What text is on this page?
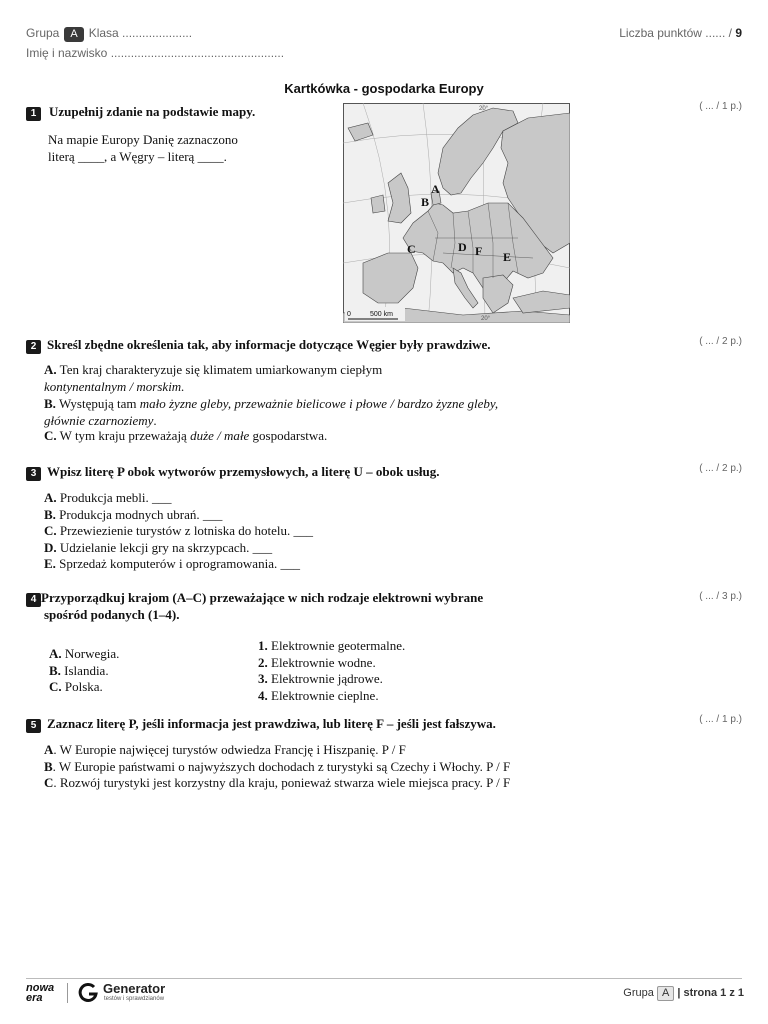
Grupa A Klasa .....................
Imię i nazwisko ....................................................
Liczba punktów ...... / 9
Kartkówka - gospodarka Europy
1 Uzupełnij zdanie na podstawie mapy.	( ... / 1 p.)
Na mapie Europy Danię zaznaczono
literą ____, a Węgry – literą ____.
A
B
C	D F E
20°
20°
0	500 km
2 Skreśl zbędne określenia tak, aby informacje dotyczące Węgier były prawdziwe.	( ... / 2 p.)
A. Ten kraj charakteryzuje się klimatem umiarkowanym ciepłym
kontynentalnym / morskim.
B. Występują tam mało żyzne gleby, przeważnie bielicowe i płowe / bardzo żyzne gleby,
głównie czarnoziemy.
C. W tym kraju przeważają duże / małe gospodarstwa.
3 Wpisz literę P obok wytworów przemysłowych, a literę U – obok usług.	( ... / 2 p.)
A. Produkcja mebli. ___
B. Produkcja modnych ubrań. ___
C. Przewiezienie turystów z lotniska do hotelu. ___
D. Udzielanie lekcji gry na skrzypcach. ___
E. Sprzedaż komputerów i oprogramowania. ___
4 Przyporządkuj krajom (A–C) przeważające w nich rodzaje elektrowni wybrane
spośród podanych (1–4).
( ... / 3 p.)
A. Norwegia.
B. Islandia.
C. Polska.
1. Elektrownie geotermalne.
2. Elektrownie wodne.
3. Elektrownie jądrowe.
4. Elektrownie cieplne.
5 Zaznacz literę P, jeśli informacja jest prawdziwa, lub literę F – jeśli jest fałszywa.	( ... / 1 p.)
A. W Europie najwięcej turystów odwiedza Francję i Hiszpanię. P / F
B. W Europie państwami o najwyższych dochodach z turystyki są Czechy i Włochy. P / F
C. Rozwój turystyki jest korzystny dla kraju, ponieważ stwarza wiele miejsca pracy. P / F
nowa
era
Generator
testów i sprawdzianów	Grupa A | strona 1 z 1
